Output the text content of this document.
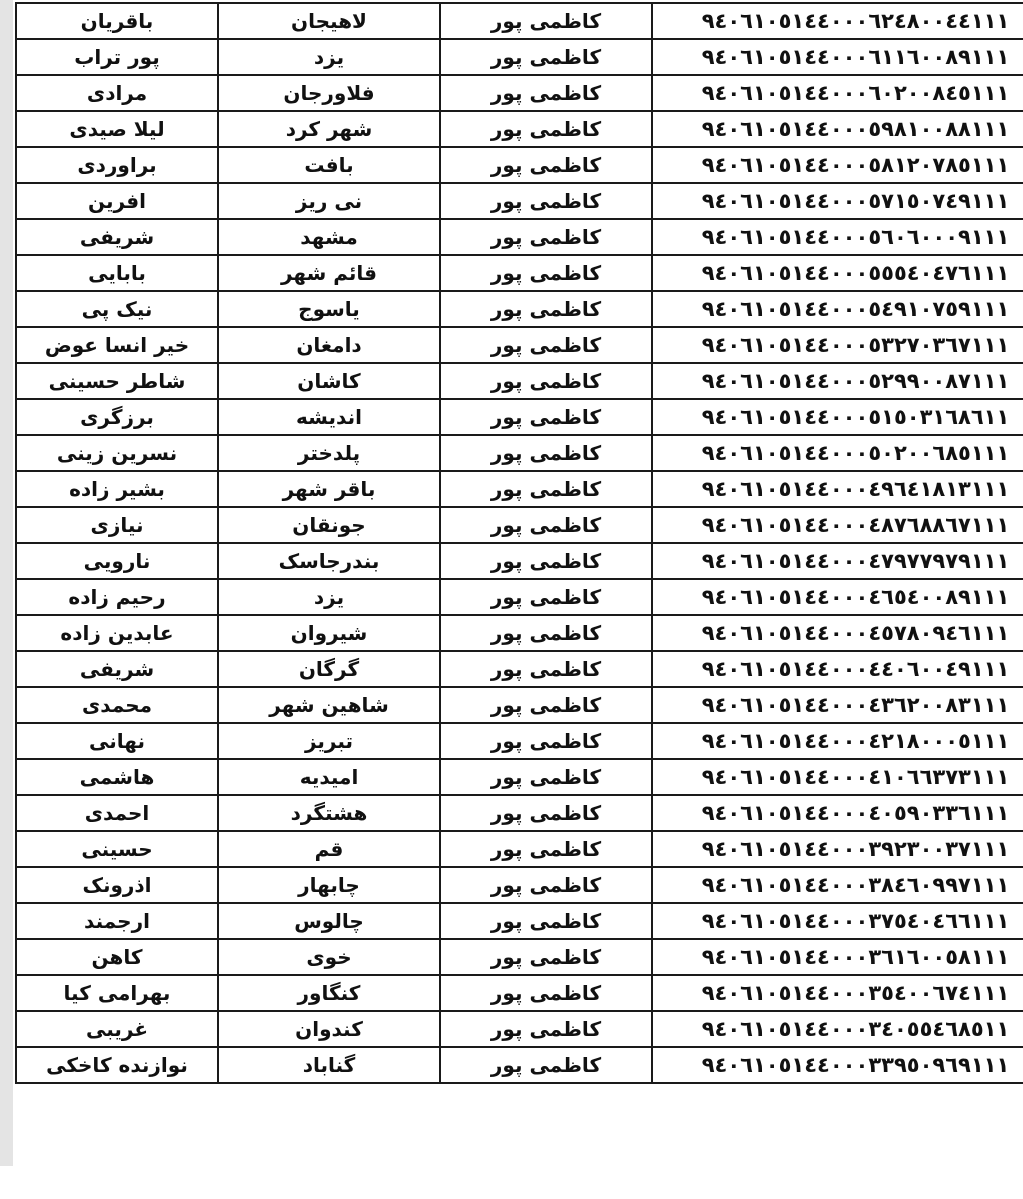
٩٤٠٦١٠٥١٤٤٠٠٠٦٢٤٨٠٠٤٤١١١	کاظمی پور	لاهیجان	باقریان
٩٤٠٦١٠٥١٤٤٠٠٠٦١١٦٠٠٨٩١١١	کاظمی پور	یزد	پور تراب
٩٤٠٦١٠٥١٤٤٠٠٠٦٠٢٠٠٨٤٥١١١	کاظمی پور	فلاورجان	مرادی
٩٤٠٦١٠٥١٤٤٠٠٠٥٩٨١٠٠٨٨١١١	کاظمی پور	شهر کرد	لیلا صیدی
٩٤٠٦١٠٥١٤٤٠٠٠٥٨١٢٠٧٨٥١١١	کاظمی پور	بافت	براوردی
٩٤٠٦١٠٥١٤٤٠٠٠٥٧١٥٠٧٤٩١١١	کاظمی پور	نی ریز	افرین
٩٤٠٦١٠٥١٤٤٠٠٠٥٦٠٦٠٠٠٩١١١	کاظمی پور	مشهد	شریفی
٩٤٠٦١٠٥١٤٤٠٠٠٥٥٥٤٠٤٧٦١١١	کاظمی پور	قائم شهر	بابایی
٩٤٠٦١٠٥١٤٤٠٠٠٥٤٩١٠٧٥٩١١١	کاظمی پور	یاسوج	نیک پی
٩٤٠٦١٠٥١٤٤٠٠٠٥٣٢٧٠٣٦٧١١١	کاظمی پور	دامغان	خیر انسا عوض
٩٤٠٦١٠٥١٤٤٠٠٠٥٢٩٩٠٠٨٧١١١	کاظمی پور	کاشان	شاطر حسینی
٩٤٠٦١٠٥١٤٤٠٠٠٥١٥٠٣١٦٨٦١١	کاظمی پور	اندیشه	برزگری
٩٤٠٦١٠٥١٤٤٠٠٠٥٠٢٠٠٦٨٥١١١	کاظمی پور	پلدختر	نسرین زینی
٩٤٠٦١٠٥١٤٤٠٠٠٤٩٦٤١٨١٣١١١	کاظمی پور	باقر شهر	بشیر زاده
٩٤٠٦١٠٥١٤٤٠٠٠٤٨٧٦٨٨٦٧١١١	کاظمی پور	جونقان	نیازی
٩٤٠٦١٠٥١٤٤٠٠٠٤٧٩٧٧٩٧٩١١١	کاظمی پور	بندرجاسک	نارویی
٩٤٠٦١٠٥١٤٤٠٠٠٤٦٥٤٠٠٨٩١١١	کاظمی پور	یزد	رحیم زاده
٩٤٠٦١٠٥١٤٤٠٠٠٤٥٧٨٠٩٤٦١١١	کاظمی پور	شیروان	عابدین زاده
٩٤٠٦١٠٥١٤٤٠٠٠٤٤٠٦٠٠٤٩١١١	کاظمی پور	گرگان	شریفی
٩٤٠٦١٠٥١٤٤٠٠٠٤٣٦٢٠٠٨٣١١١	کاظمی پور	شاهین شهر	محمدی
٩٤٠٦١٠٥١٤٤٠٠٠٤٢١٨٠٠٠٥١١١	کاظمی پور	تبریز	نهانی
٩٤٠٦١٠٥١٤٤٠٠٠٤١٠٦٦٣٧٣١١١	کاظمی پور	امیدیه	هاشمی
٩٤٠٦١٠٥١٤٤٠٠٠٤٠٥٩٠٣٣٦١١١	کاظمی پور	هشتگرد	احمدی
٩٤٠٦١٠٥١٤٤٠٠٠٣٩٢٣٠٠٣٧١١١	کاظمی پور	قم	حسینی
٩٤٠٦١٠٥١٤٤٠٠٠٣٨٤٦٠٩٩٧١١١	کاظمی پور	چابهار	اذرونک
٩٤٠٦١٠٥١٤٤٠٠٠٣٧٥٤٠٤٦٦١١١	کاظمی پور	چالوس	ارجمند
٩٤٠٦١٠٥١٤٤٠٠٠٣٦١٦٠٠٥٨١١١	کاظمی پور	خوی	کاهن
٩٤٠٦١٠٥١٤٤٠٠٠٣٥٤٠٠٦٧٤١١١	کاظمی پور	کنگاور	بهرامی کیا
٩٤٠٦١٠٥١٤٤٠٠٠٣٤٠٥٥٤٦٨٥١١	کاظمی پور	کندوان	غریبی
٩٤٠٦١٠٥١٤٤٠٠٠٣٣٩٥٠٩٦٩١١١	کاظمی پور	گناباد	نوازنده کاخکی
